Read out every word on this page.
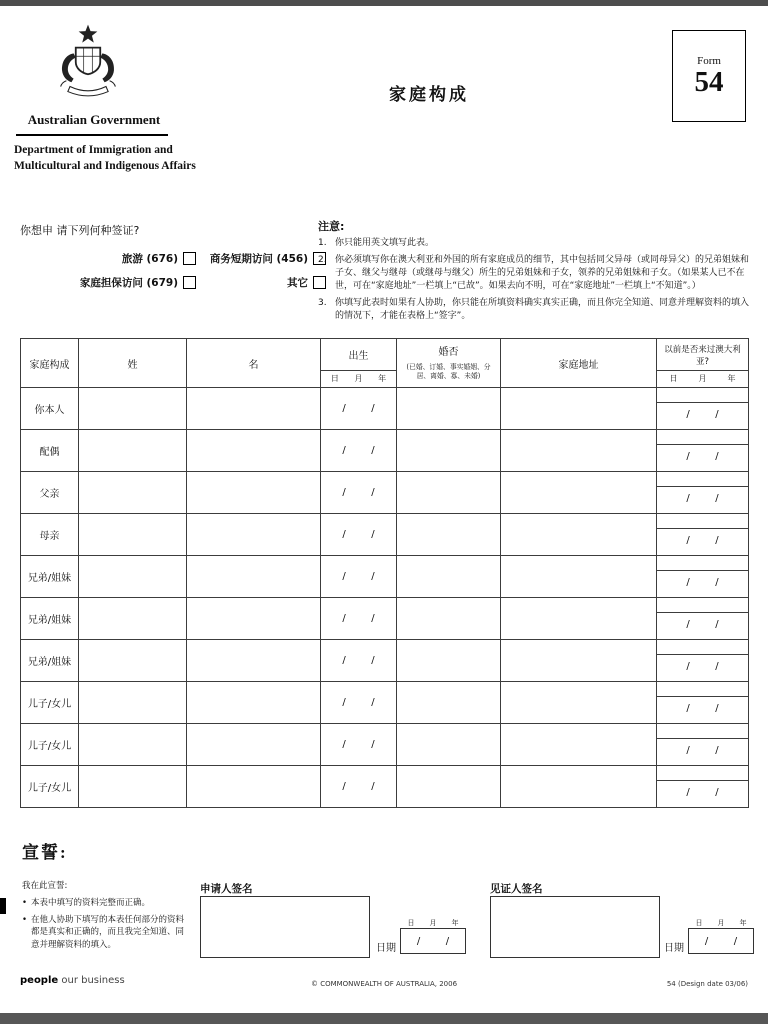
Australian Government
Department of Immigration and
Multicultural and Indigenous Affairs
家庭构成
Form
54
你想申 请下列何种签证?
旅游 (676)	商务短期访问 (456)
家庭担保访问 (679)	其它
注意:
1. 你只能用英文填写此表。
2. 你必须填写你在澳大利亚和外国的所有家庭成员的细节，其中包括同父异母（或同母异父）的兄弟姐妹和子女、继父与继母（或继母与继父）所生的兄弟姐妹和子女，领养的兄弟姐妹和子女。（如果某人已不在世，可在“家庭地址”一栏填上“已故”。如果去向不明，可在“家庭地址”一栏填上“不知道”。）
3. 你填写此表时如果有人协助，你只能在所填资料确实真实正确，而且你完全知道、同意并理解资料的填入的情况下，才能在表格上“签字”。
家庭构成	姓	名	
出生
日	月	年

婚否
(已婚、订婚、事实婚姻、分居、离婚、寡、未婚)
	家庭地址	
以前是否来过澳大利亚?
日	月	年

你本人			/        /			/        /

配偶			/        /			/        /

父亲			/        /			/        /

母亲			/        /			/        /

兄弟/姐妹			/        /			/        /

兄弟/姐妹			/        /			/        /

兄弟/姐妹			/        /			/        /

儿子/女儿			/        /			/        /

儿子/女儿			/        /			/        /

儿子/女儿			/        /			/        /
宣誓:
我在此宣誓:
• 本表中填写的资料完整而正确。
• 在他人协助下填写的本表任何部分的资料都是真实和正确的，而且我完全知道、同意并理解资料的填入。
申请人签名
日	月	年
日期
/        /
见证人签名
日	月	年
日期
/        /
people our business	© COMMONWEALTH OF AUSTRALIA, 2006	54 (Design date 03/06)
